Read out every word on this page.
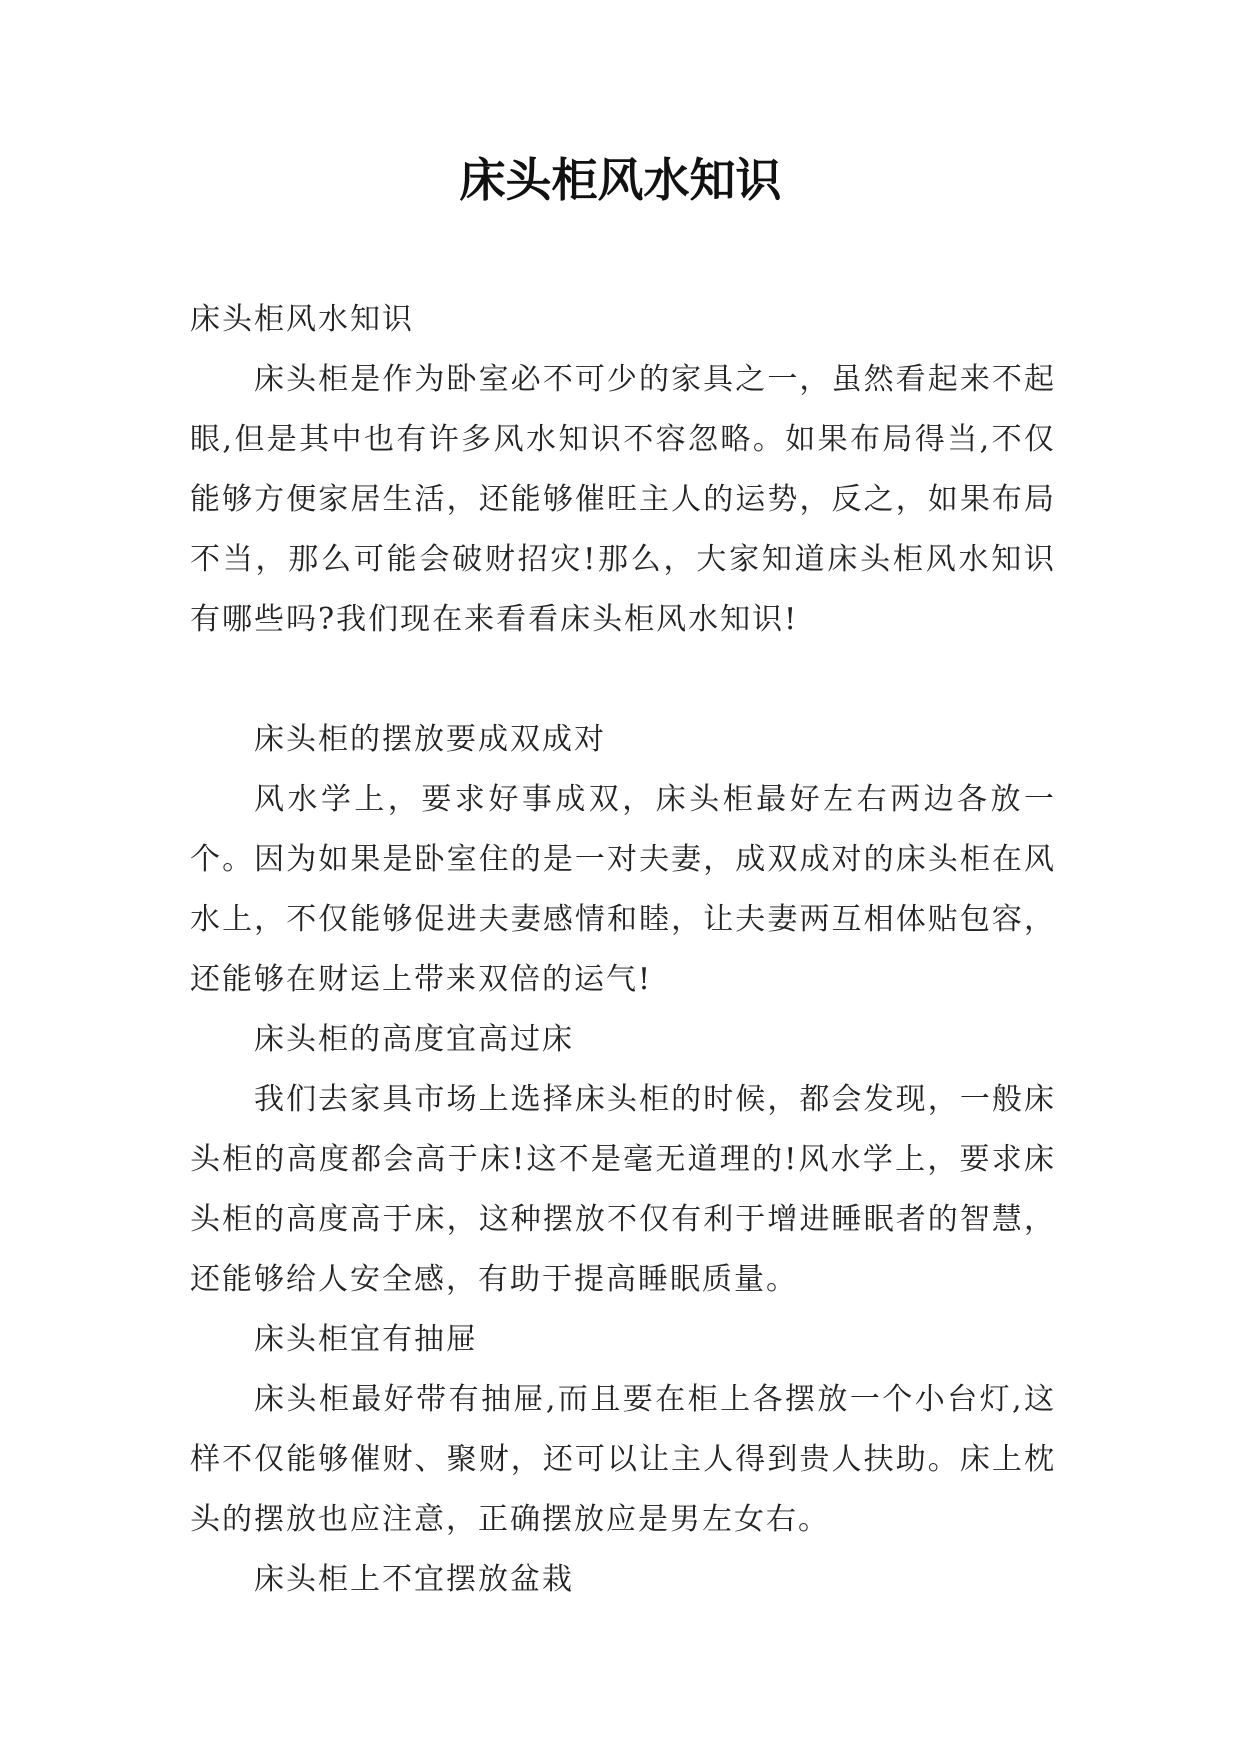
床头柜风水知识

床头柜风水知识

床头柜是作为卧室必不可少的家具之一，虽然看起来不起眼,但是其中也有许多风水知识不容忽略。如果布局得当,不仅能够方便家居生活，还能够催旺主人的运势，反之，如果布局不当，那么可能会破财招灾!那么，大家知道床头柜风水知识有哪些吗?我们现在来看看床头柜风水知识!

床头柜的摆放要成双成对

风水学上，要求好事成双，床头柜最好左右两边各放一个。因为如果是卧室住的是一对夫妻，成双成对的床头柜在风水上，不仅能够促进夫妻感情和睦，让夫妻两互相体贴包容，还能够在财运上带来双倍的运气!

床头柜的高度宜高过床

我们去家具市场上选择床头柜的时候，都会发现，一般床头柜的高度都会高于床!这不是毫无道理的!风水学上，要求床头柜的高度高于床，这种摆放不仅有利于增进睡眠者的智慧，还能够给人安全感，有助于提高睡眠质量。

床头柜宜有抽屉

床头柜最好带有抽屉,而且要在柜上各摆放一个小台灯,这样不仅能够催财、聚财，还可以让主人得到贵人扶助。床上枕头的摆放也应注意，正确摆放应是男左女右。

床头柜上不宜摆放盆栽
